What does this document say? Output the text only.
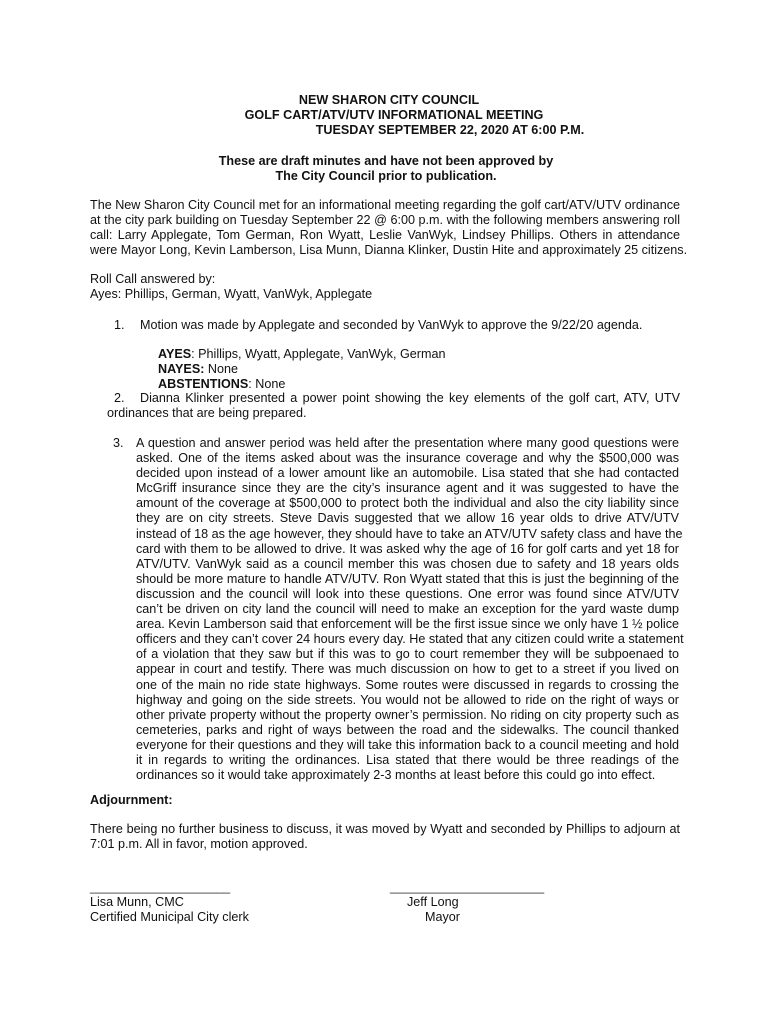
NEW SHARON CITY COUNCIL
GOLF CART/ATV/UTV INFORMATIONAL MEETING
TUESDAY SEPTEMBER 22, 2020 AT 6:00 P.M.
These are draft minutes and have not been approved by
The City Council prior to publication.
The New Sharon City Council met for an informational meeting regarding the golf cart/ATV/UTV ordinance
at the city park building on Tuesday September 22 @ 6:00 p.m. with the following members answering roll
call: Larry Applegate, Tom German, Ron Wyatt, Leslie VanWyk, Lindsey Phillips. Others in attendance
were Mayor Long, Kevin Lamberson, Lisa Munn, Dianna Klinker, Dustin Hite and approximately 25 citizens.
Roll Call answered by:
Ayes: Phillips, German, Wyatt, VanWyk, Applegate
1. Motion was made by Applegate and seconded by VanWyk to approve the 9/22/20 agenda.
AYES: Phillips, Wyatt, Applegate, VanWyk, German
NAYES: None
ABSTENTIONS: None
2. Dianna Klinker presented a power point showing the key elements of the golf cart, ATV, UTV
ordinances that are being prepared.
3. A question and answer period was held after the presentation where many good questions were
asked. One of the items asked about was the insurance coverage and why the $500,000 was
decided upon instead of a lower amount like an automobile. Lisa stated that she had contacted
McGriff insurance since they are the city’s insurance agent and it was suggested to have the
amount of the coverage at $500,000 to protect both the individual and also the city liability since
they are on city streets. Steve Davis suggested that we allow 16 year olds to drive ATV/UTV
instead of 18 as the age however, they should have to take an ATV/UTV safety class and have the
card with them to be allowed to drive. It was asked why the age of 16 for golf carts and yet 18 for
ATV/UTV. VanWyk said as a council member this was chosen due to safety and 18 years olds
should be more mature to handle ATV/UTV. Ron Wyatt stated that this is just the beginning of the
discussion and the council will look into these questions. One error was found since ATV/UTV
can’t be driven on city land the council will need to make an exception for the yard waste dump
area. Kevin Lamberson said that enforcement will be the first issue since we only have 1 ½ police
officers and they can’t cover 24 hours every day. He stated that any citizen could write a statement
of a violation that they saw but if this was to go to court remember they will be subpoenaed to
appear in court and testify. There was much discussion on how to get to a street if you lived on
one of the main no ride state highways. Some routes were discussed in regards to crossing the
highway and going on the side streets. You would not be allowed to ride on the right of ways or
other private property without the property owner’s permission. No riding on city property such as
cemeteries, parks and right of ways between the road and the sidewalks. The council thanked
everyone for their questions and they will take this information back to a council meeting and hold
it in regards to writing the ordinances. Lisa stated that there would be three readings of the
ordinances so it would take approximately 2-3 months at least before this could go into effect.
Adjournment:
There being no further business to discuss, it was moved by Wyatt and seconded by Phillips to adjourn at
7:01 p.m. All in favor, motion approved.
____________________
Lisa Munn, CMC
Certified Municipal City clerk
______________________
Jeff Long
Mayor
